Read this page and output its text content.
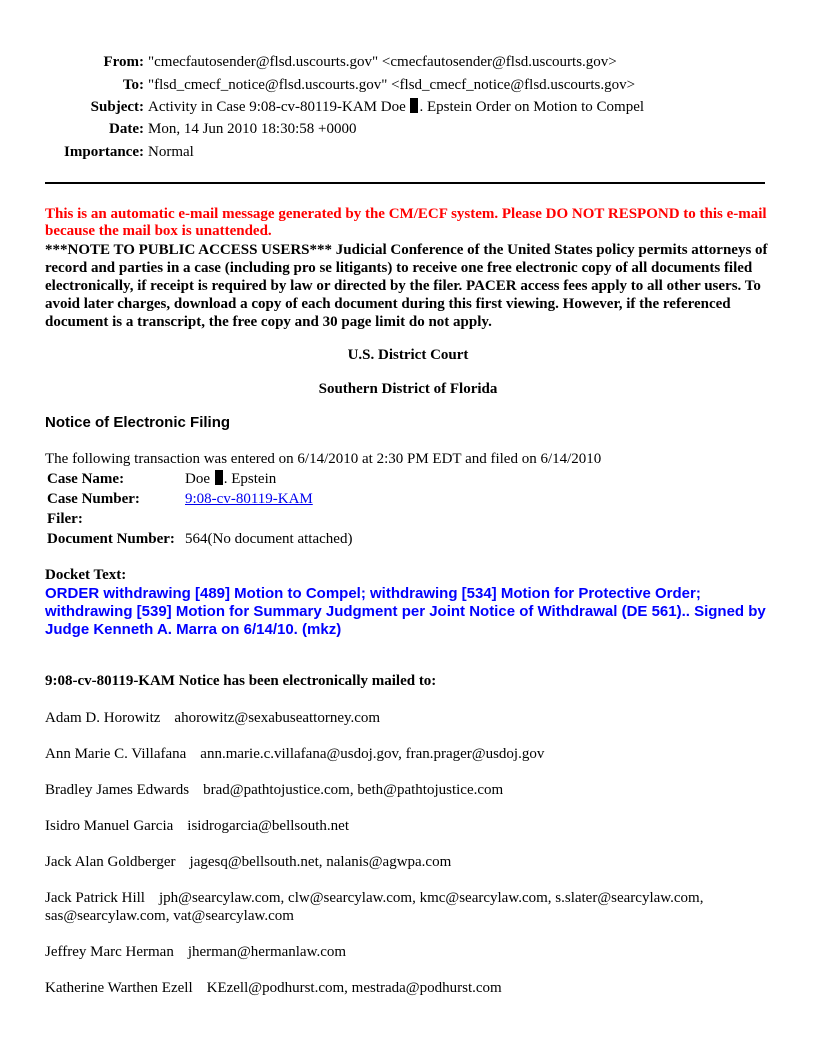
From: "cmecfautosender@flsd.uscourts.gov" <cmecfautosender@flsd.uscourts.gov>
To: "flsd_cmecf_notice@flsd.uscourts.gov" <flsd_cmecf_notice@flsd.uscourts.gov>
Subject: Activity in Case 9:08-cv-80119-KAM Doe . Epstein Order on Motion to Compel
Date: Mon, 14 Jun 2010 18:30:58 +0000
Importance: Normal
This is an automatic e-mail message generated by the CM/ECF system. Please DO NOT RESPOND to this e-mail because the mail box is unattended.
***NOTE TO PUBLIC ACCESS USERS*** Judicial Conference of the United States policy permits attorneys of record and parties in a case (including pro se litigants) to receive one free electronic copy of all documents filed electronically, if receipt is required by law or directed by the filer. PACER access fees apply to all other users. To avoid later charges, download a copy of each document during this first viewing. However, if the referenced document is a transcript, the free copy and 30 page limit do not apply.
U.S. District Court
Southern District of Florida
Notice of Electronic Filing
The following transaction was entered on 6/14/2010 at 2:30 PM EDT and filed on 6/14/2010
Case Name:	Doe . Epstein
Case Number:	9:08-cv-80119-KAM
Filer:
Document Number: 564(No document attached)
Docket Text:
ORDER withdrawing [489] Motion to Compel; withdrawing [534] Motion for Protective Order; withdrawing [539] Motion for Summary Judgment per Joint Notice of Withdrawal (DE 561).. Signed by Judge Kenneth A. Marra on 6/14/10. (mkz)
9:08-cv-80119-KAM Notice has been electronically mailed to:
Adam D. Horowitz ahorowitz@sexabuseattorney.com
Ann Marie C. Villafana ann.marie.c.villafana@usdoj.gov, fran.prager@usdoj.gov
Bradley James Edwards brad@pathtojustice.com, beth@pathtojustice.com
Isidro Manuel Garcia isidrogarcia@bellsouth.net
Jack Alan Goldberger jagesq@bellsouth.net, nalanis@agwpa.com
Jack Patrick Hill jph@searcylaw.com, clw@searcylaw.com, kmc@searcylaw.com, s.slater@searcylaw.com, sas@searcylaw.com, vat@searcylaw.com
Jeffrey Marc Herman jherman@hermanlaw.com
Katherine Warthen Ezell KEzell@podhurst.com, mestrada@podhurst.com
